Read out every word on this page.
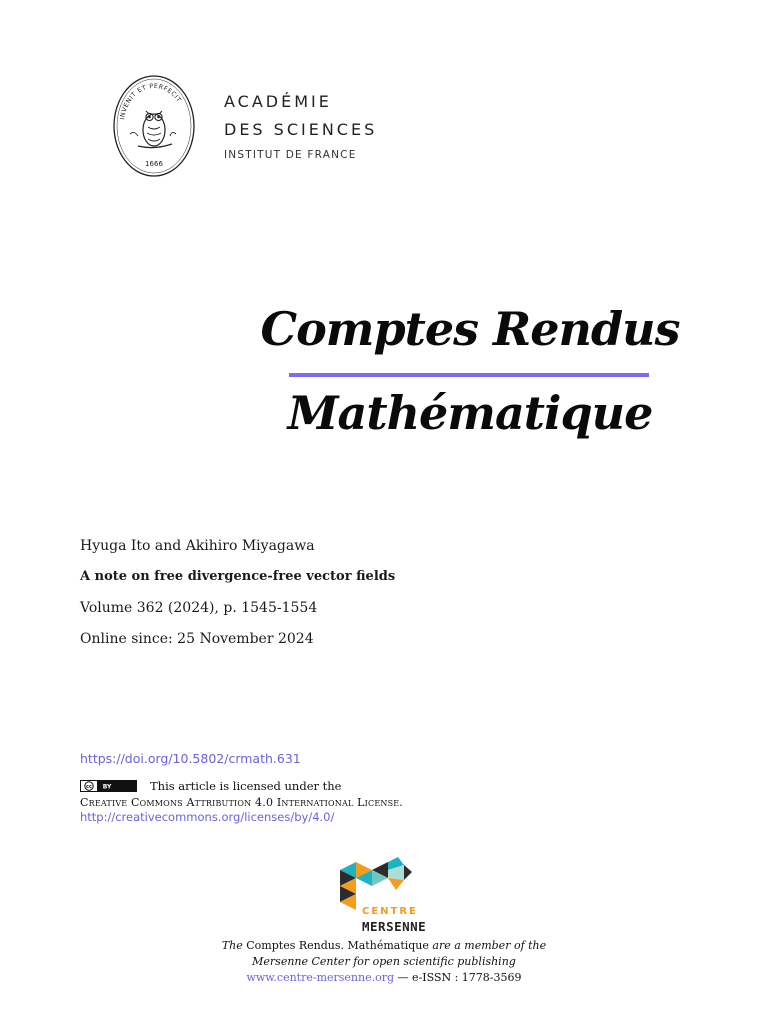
INVENIT ET PERFECIT
1666
ACADÉMIE
DES SCIENCES
INSTITUT DE FRANCE
Comptes Rendus
Mathématique
Hyuga Ito and Akihiro Miyagawa
A note on free divergence-free vector fields
Volume 362 (2024), p. 1545-1554
Online since: 25 November 2024
https://doi.org/10.5802/crmath.631
cc BY	This article is licensed under the
Creative Commons Attribution 4.0 International License.
http://creativecommons.org/licenses/by/4.0/
CENTRE
MERSENNE
The Comptes Rendus. Mathématique are a member of the
Mersenne Center for open scientific publishing
www.centre-mersenne.org — e-ISSN : 1778-3569
